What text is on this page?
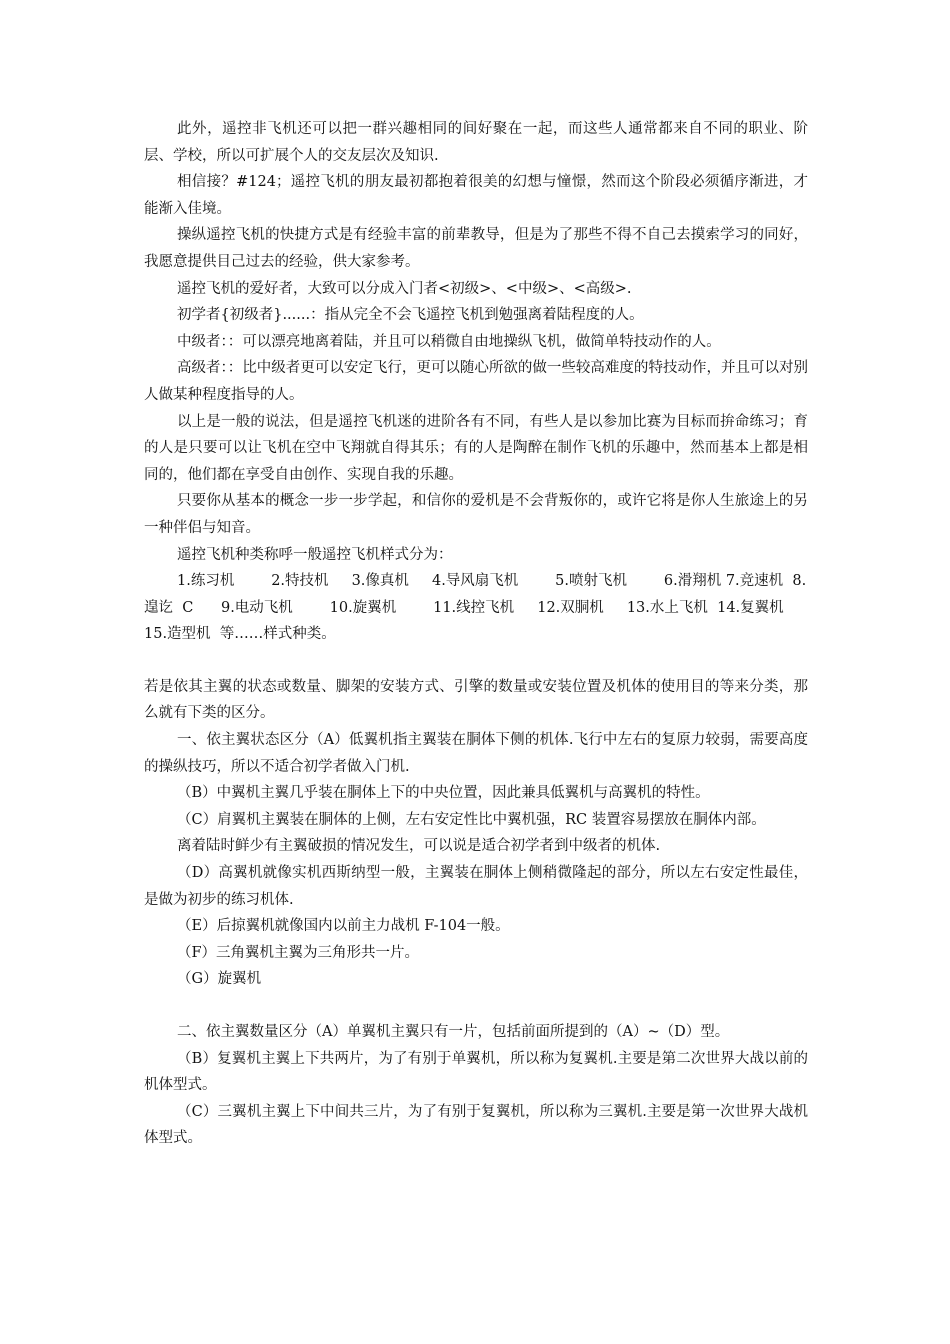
此外，遥控非飞机还可以把一群兴趣相同的间好聚在一起，而这些人通常都来自不同的职业、阶层、学校，所以可扩展个人的交友层次及知识.

相信接？#124；遥控飞机的朋友最初都抱着很美的幻想与憧憬，然而这个阶段必须循序渐进，才能渐入佳境。

操纵遥控飞机的快捷方式是有经验丰富的前辈教导，但是为了那些不得不自己去摸索学习的同好，我愿意提供目己过去的经验，供大家参考。

遥控飞机的爱好者，大致可以分成入门者<初级>、<中级>、<高级>.

初学者{初级者}......：指从完全不会飞遥控飞机到勉强离着陆程度的人。

中级者：：可以漂亮地离着陆，并且可以稍微自由地操纵飞机，做简单特技动作的人。

高级者：：比中级者更可以安定飞行，更可以随心所欲的做一些较高难度的特技动作，并且可以对别人做某种程度指导的人。

以上是一般的说法，但是遥控飞机迷的进阶各有不同，有些人是以参加比赛为目标而拚命练习；育的人是只要可以让飞机在空中飞翔就自得其乐；有的人是陶醉在制作飞机的乐趣中，然而基本上都是相同的，他们都在享受自由创作、实现自我的乐趣。

只要你从基本的概念一步一步学起，和信你的爱机是不会背叛你的，或许它将是你人生旅途上的另一种伴侣与知音。

遥控飞机种类称呼一般遥控飞机样式分为：

1.练习机        2.特技机     3.像真机     4.导风扇飞机        5.喷射飞机        6.滑翔机 7.竞速机  8.遑讫  C      9.电动飞机        10.旋翼机        11.线控飞机     12.双胴机     13.水上飞机  14.复翼机     15.造型机  等……样式种类。

若是依其主翼的状态或数量、脚架的安装方式、引擎的数量或安装位置及机体的使用目的等来分类，那么就有下类的区分。

一、依主翼状态区分（A）低翼机指主翼装在胴体下侧的机体.飞行中左右的复原力较弱，需要高度的操纵技巧，所以不适合初学者做入门机.

（B）中翼机主翼几乎装在胴体上下的中央位置，因此兼具低翼机与高翼机的特性。

（C）肩翼机主翼装在胴体的上侧，左右安定性比中翼机强，RC 装置容易摆放在胴体内部。

离着陆时鲜少有主翼破损的情况发生，可以说是适合初学者到中级者的机体.

（D）高翼机就像实机西斯纳型一般，主翼装在胴体上侧稍微隆起的部分，所以左右安定性最佳，是做为初步的练习机体.

（E）后掠翼机就像国内以前主力战机 F-104一般。

（F）三角翼机主翼为三角形共一片。

（G）旋翼机

二、依主翼数量区分（A）单翼机主翼只有一片，包括前面所提到的（A）~（D）型。

（B）复翼机主翼上下共两片，为了有别于单翼机，所以称为复翼机.主要是第二次世界大战以前的机体型式。

（C）三翼机主翼上下中间共三片，为了有别于复翼机，所以称为三翼机.主要是第一次世界大战机体型式。
